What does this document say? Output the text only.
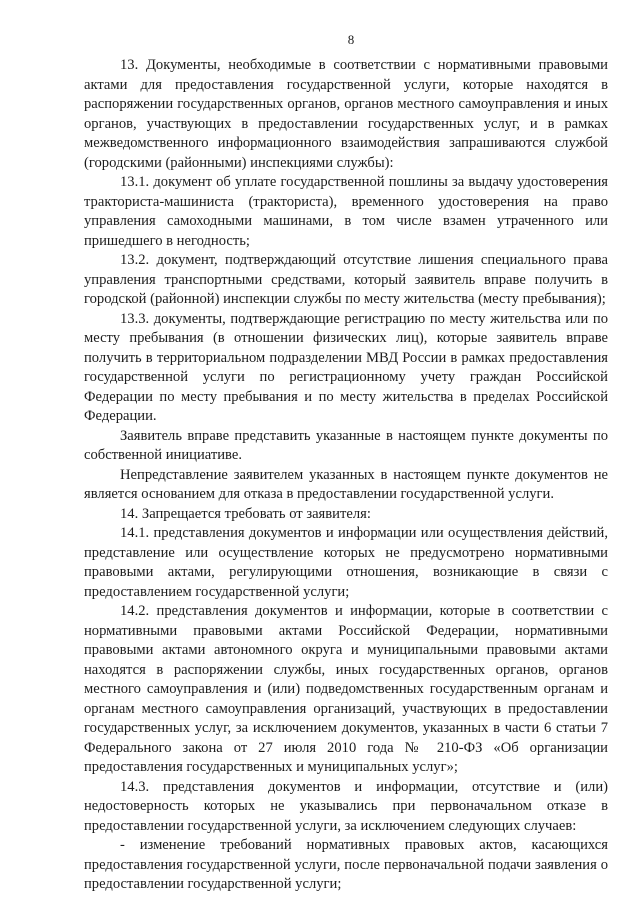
8

13. Документы, необходимые в соответствии с нормативными правовыми актами для предоставления государственной услуги, которые находятся в распоряжении государственных органов, органов местного самоуправления и иных органов, участвующих в предоставлении государственных услуг, и в рамках межведомственного информационного взаимодействия запрашиваются службой (городскими (районными) инспекциями службы):

13.1. документ об уплате государственной пошлины за выдачу удостоверения тракториста-машиниста (тракториста), временного удостоверения на право управления самоходными машинами, в том числе взамен утраченного или пришедшего в негодность;

13.2. документ, подтверждающий отсутствие лишения специального права управления транспортными средствами, который заявитель вправе получить в городской (районной) инспекции службы по месту жительства (месту пребывания);

13.3. документы, подтверждающие регистрацию по месту жительства или по месту пребывания (в отношении физических лиц), которые заявитель вправе получить в территориальном подразделении МВД России в рамках предоставления государственной услуги по регистрационному учету граждан Российской Федерации по месту пребывания и по месту жительства в пределах Российской Федерации.

Заявитель вправе представить указанные в настоящем пункте документы по собственной инициативе.

Непредставление заявителем указанных в настоящем пункте документов не является основанием для отказа в предоставлении государственной услуги.

14. Запрещается требовать от заявителя:

14.1. представления документов и информации или осуществления действий, представление или осуществление которых не предусмотрено нормативными правовыми актами, регулирующими отношения, возникающие в связи с предоставлением государственной услуги;

14.2. представления документов и информации, которые в соответствии с нормативными правовыми актами Российской Федерации, нормативными правовыми актами автономного округа и муниципальными правовыми актами находятся в распоряжении службы, иных государственных органов, органов местного самоуправления и (или) подведомственных государственным органам и органам местного самоуправления организаций, участвующих в предоставлении государственных услуг, за исключением документов, указанных в части 6 статьи 7 Федерального закона от 27 июля 2010 года № 210-ФЗ «Об организации предоставления государственных и муниципальных услуг»;

14.3. представления документов и информации, отсутствие и (или) недостоверность которых не указывались при первоначальном отказе в предоставлении государственной услуги, за исключением следующих случаев:

- изменение требований нормативных правовых актов, касающихся предоставления государственной услуги, после первоначальной подачи заявления о предоставлении государственной услуги;
